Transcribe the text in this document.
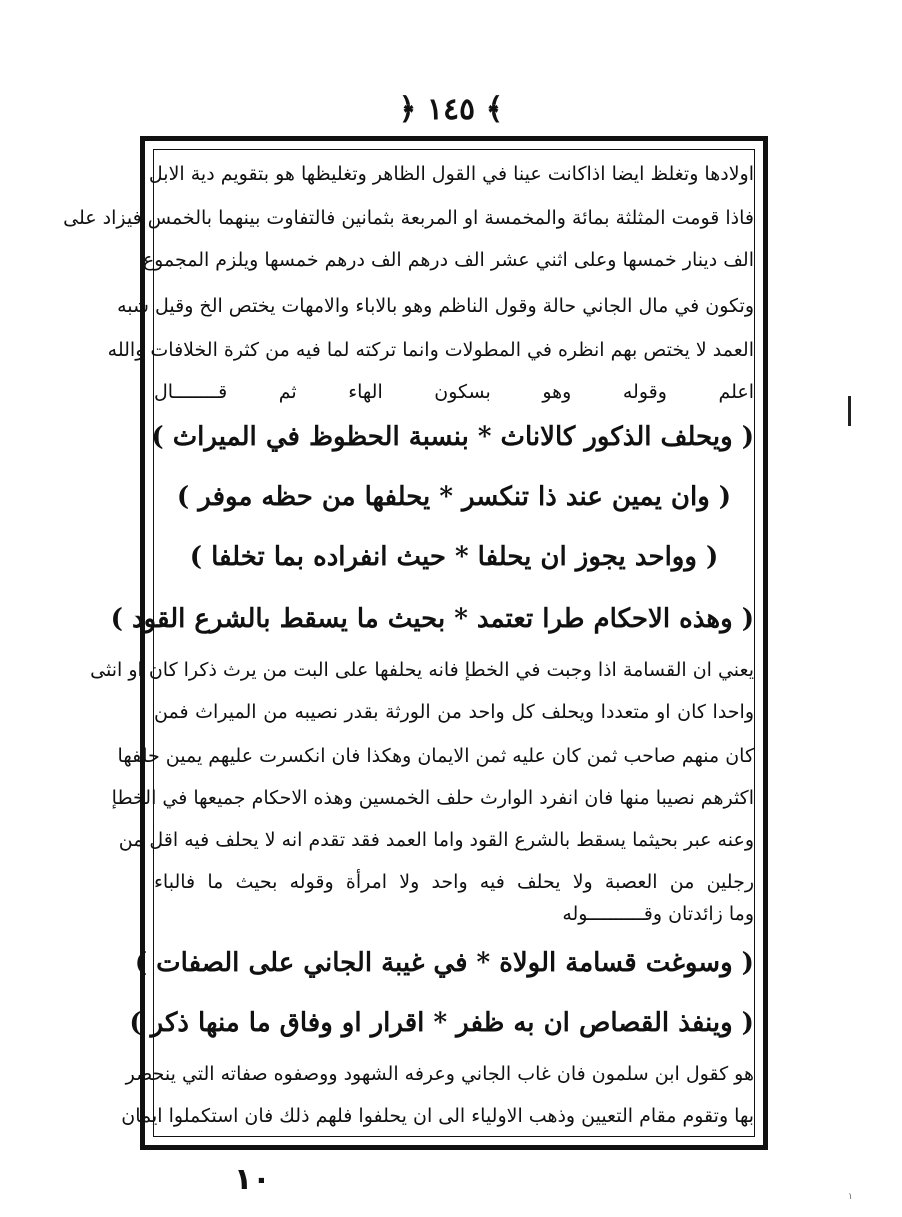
﴿ ١٤٥ ﴾
اولادها وتغلظ ايضا اذاكانت عينا في القول الظاهر وتغليظها هو بتقويم دية الابل
فاذا قومت المثلثة بمائة والمخمسة او المربعة بثمانين فالتفاوت بينهما بالخمس فيزاد على
الف دينار خمسها وعلى اثني عشر الف درهم الف درهم خمسها ويلزم المجموع
وتكون في مال الجاني حالة وقول الناظم وهو بالاباء والامهات يختص الخ وقيل شبه
العمد لا يختص بهم انظره في المطولات وانما تركته لما فيه من كثرة الخلافات والله
اعلم وقوله وهو بسكون الهاء ثم قــــــــال
( ويحلف الذكور كالاناث * بنسبة الحظوظ في الميراث )
( وان يمين عند ذا تنكسر * يحلفها من حظه موفر )
( وواحد يجوز ان يحلفا * حيث انفراده بما تخلفا )
( وهذه الاحكام طرا تعتمد * بحيث ما يسقط بالشرع القود )
يعني ان القسامة اذا وجبت في الخطإ فانه يحلفها على البت من يرث ذكرا كان او انثى
واحدا كان او متعددا ويحلف كل واحد من الورثة بقدر نصيبه من الميراث فمن
كان منهم صاحب ثمن كان عليه ثمن الايمان وهكذا فان انكسرت عليهم يمين حلفها
اكثرهم نصيبا منها فان انفرد الوارث حلف الخمسين وهذه الاحكام جميعها في الخطإ
وعنه عبر بحيثما يسقط بالشرع القود واما العمد فقد تقدم انه لا يحلف فيه اقل من
رجلين من العصبة ولا يحلف فيه واحد ولا امرأة وقوله بحيث ما فالباء
وما زائدتان وقــــــــــوله
( وسوغت قسامة الولاة * في غيبة الجاني على الصفات )
( وينفذ القصاص ان به ظفر * اقرار او وفاق ما منها ذكر )
هو كقول ابن سلمون فان غاب الجاني وعرفه الشهود ووصفوه صفاته التي ينحصر
بها وتقوم مقام التعيين وذهب الاولياء الى ان يحلفوا فلهم ذلك فان استكملوا ايمان
١٠	١
